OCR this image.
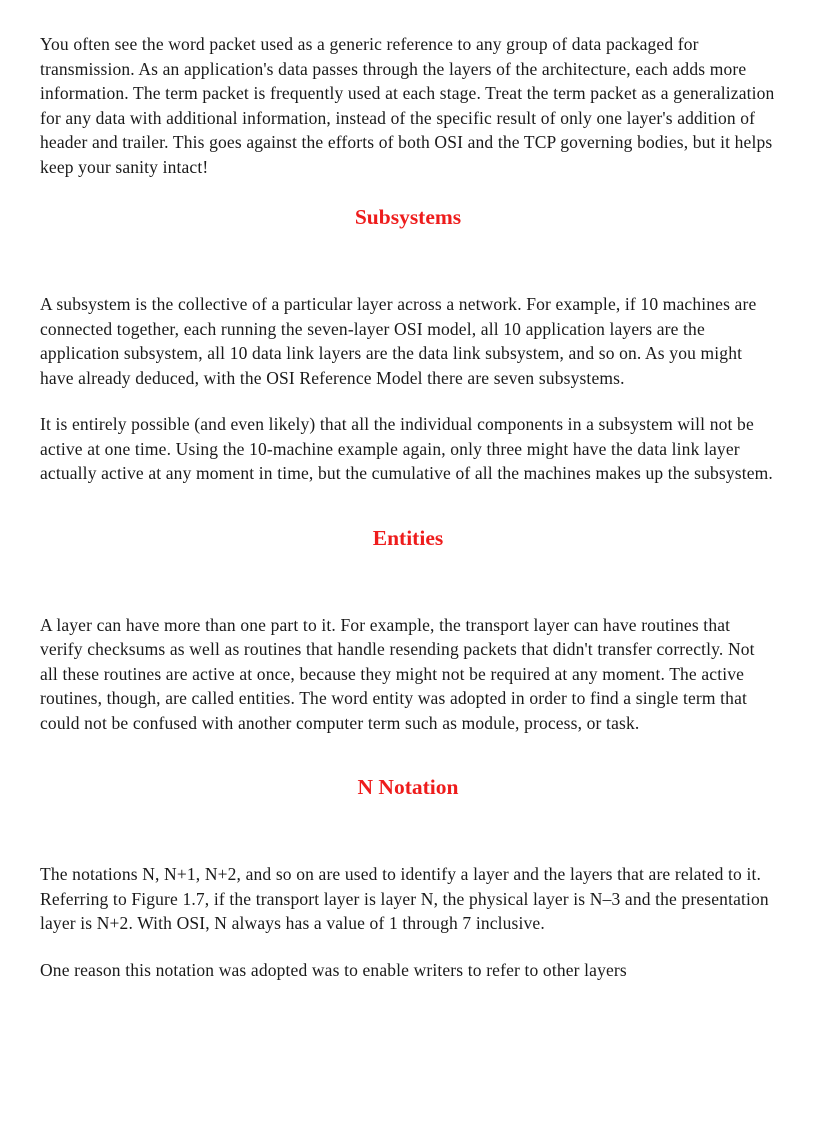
You often see the word packet used as a generic reference to any group of data packaged for transmission. As an application's data passes through the layers of the architecture, each adds more information. The term packet is frequently used at each stage. Treat the term packet as a generalization for any data with additional information, instead of the specific result of only one layer's addition of header and trailer. This goes against the efforts of both OSI and the TCP governing bodies, but it helps keep your sanity intact!

Subsystems

A subsystem is the collective of a particular layer across a network. For example, if 10 machines are connected together, each running the seven-layer OSI model, all 10 application layers are the application subsystem, all 10 data link layers are the data link subsystem, and so on. As you might have already deduced, with the OSI Reference Model there are seven subsystems.

It is entirely possible (and even likely) that all the individual components in a subsystem will not be active at one time. Using the 10-machine example again, only three might have the data link layer actually active at any moment in time, but the cumulative of all the machines makes up the subsystem.

Entities

A layer can have more than one part to it. For example, the transport layer can have routines that verify checksums as well as routines that handle resending packets that didn't transfer correctly. Not all these routines are active at once, because they might not be required at any moment. The active routines, though, are called entities. The word entity was adopted in order to find a single term that could not be confused with another computer term such as module, process, or task.

N Notation

The notations N, N+1, N+2, and so on are used to identify a layer and the layers that are related to it. Referring to Figure 1.7, if the transport layer is layer N, the physical layer is N–3 and the presentation layer is N+2. With OSI, N always has a value of 1 through 7 inclusive.

One reason this notation was adopted was to enable writers to refer to other layers
